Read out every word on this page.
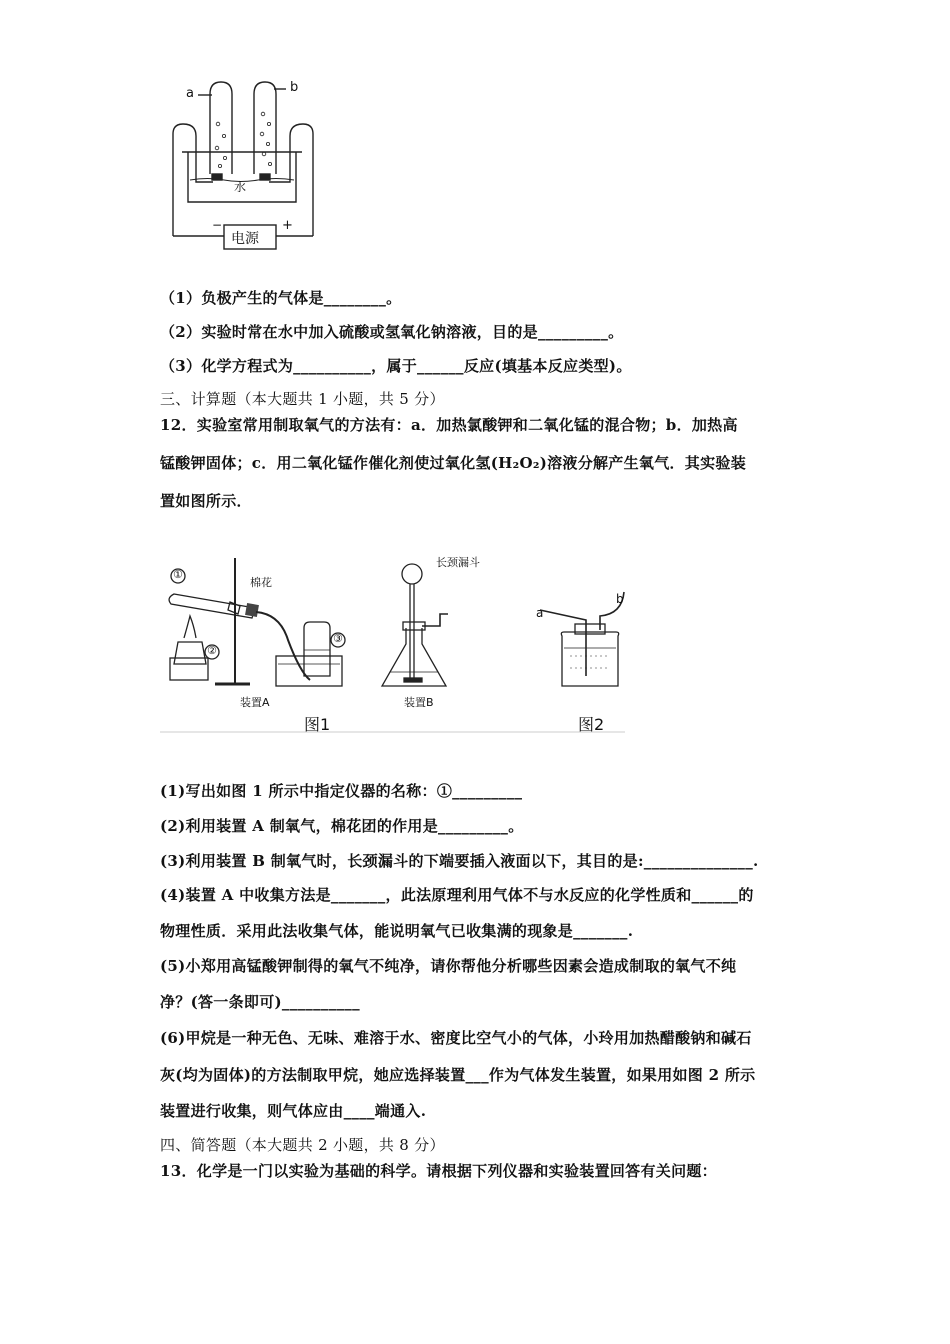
a	b
水
−	+
电源
（1）负极产生的气体是________。
（2）实验时常在水中加入硫酸或氢氧化钠溶液，目的是_________。
（3）化学方程式为__________，属于______反应(填基本反应类型)。
三、计算题（本大题共 1 小题，共 5 分）
12．实验室常用制取氧气的方法有：a．加热氯酸钾和二氧化锰的混合物；b．加热高
锰酸钾固体；c．用二氧化锰作催化剂使过氧化氢(H₂O₂)溶液分解产生氧气．其实验装
置如图所示．
①
②
③
棉花
长颈漏斗
装置A	装置B
图1	图2
a
b
(1)写出如图 1 所示中指定仪器的名称：①_________
(2)利用装置 A 制氧气，棉花团的作用是_________。
(3)利用装置 B 制氧气时，长颈漏斗的下端要插入液面以下，其目的是:______________.
(4)装置 A 中收集方法是_______，此法原理利用气体不与水反应的化学性质和______的
物理性质．采用此法收集气体，能说明氧气已收集满的现象是_______.
(5)小郑用高锰酸钾制得的氧气不纯净，请你帮他分析哪些因素会造成制取的氧气不纯
净？(答一条即可)__________
(6)甲烷是一种无色、无味、难溶于水、密度比空气小的气体，小玲用加热醋酸钠和碱石
灰(均为固体)的方法制取甲烷，她应选择装置___作为气体发生装置，如果用如图 2 所示
装置进行收集，则气体应由____端通入.
四、简答题（本大题共 2 小题，共 8 分）
13．化学是一门以实验为基础的科学。请根据下列仪器和实验装置回答有关问题：
